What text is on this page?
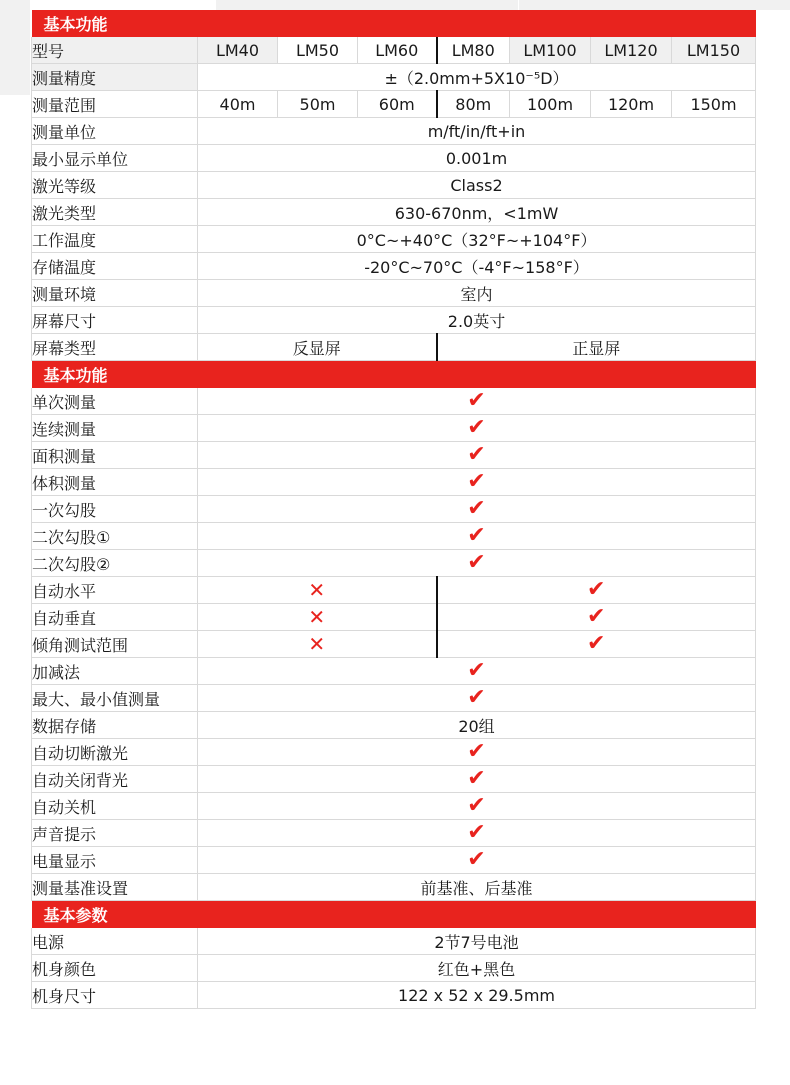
基本功能							
型号	LM40	LM50	LM60	LM80	LM100	LM120	LM150
测量精度	±（2.0mm+5X10⁻⁵D）						
测量范围	40m	50m	60m	80m	100m	120m	150m
测量单位	m/ft/in/ft+in						
最小显示单位	0.001m						
激光等级	Class2						
激光类型	630-670nm，<1mW						
工作温度	0°C~+40°C（32°F~+104°F）						
存储温度	-20°C~70°C（-4°F~158°F）						
测量环境	室内						
屏幕尺寸	2.0英寸						
屏幕类型	反显屏			正显屏			
基本功能							
单次测量	✔						
连续测量	✔						
面积测量	✔						
体积测量	✔						
一次勾股	✔						
二次勾股①	✔						
二次勾股②	✔						
自动水平	✕			✔			
自动垂直	✕			✔			
倾角测试范围	✕			✔			
加减法	✔						
最大、最小值测量	✔						
数据存储	20组						
自动切断激光	✔						
自动关闭背光	✔						
自动关机	✔						
声音提示	✔						
电量显示	✔						
测量基准设置	前基准、后基准						
基本参数							
电源	2节7号电池						
机身颜色	红色+黑色						
机身尺寸	122 x 52 x 29.5mm						
